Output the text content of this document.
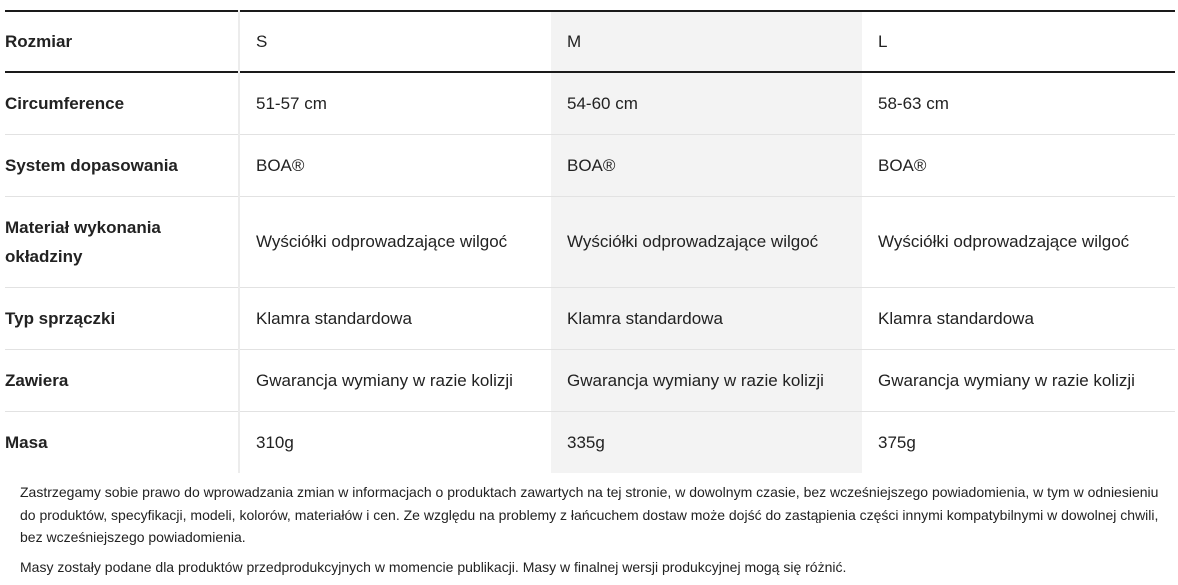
Rozmiar	S	M	L
Circumference	51-57 cm	54-60 cm	58-63 cm
System dopasowania	BOA®	BOA®	BOA®
Materiał wykonania okładziny	Wyściółki odprowadzające wilgoć	Wyściółki odprowadzające wilgoć	Wyściółki odprowadzające wilgoć
Typ sprzączki	Klamra standardowa	Klamra standardowa	Klamra standardowa
Zawiera	Gwarancja wymiany w razie kolizji	Gwarancja wymiany w razie kolizji	Gwarancja wymiany w razie kolizji
Masa	310g	335g	375g

Zastrzegamy sobie prawo do wprowadzania zmian w informacjach o produktach zawartych na tej stronie, w dowolnym czasie, bez wcześniejszego powiadomienia, w tym w odniesieniu do produktów, specyfikacji, modeli, kolorów, materiałów i cen. Ze względu na problemy z łańcuchem dostaw może dojść do zastąpienia części innymi kompatybilnymi w dowolnej chwili, bez wcześniejszego powiadomienia.

Masy zostały podane dla produktów przedprodukcyjnych w momencie publikacji. Masy w finalnej wersji produkcyjnej mogą się różnić.
